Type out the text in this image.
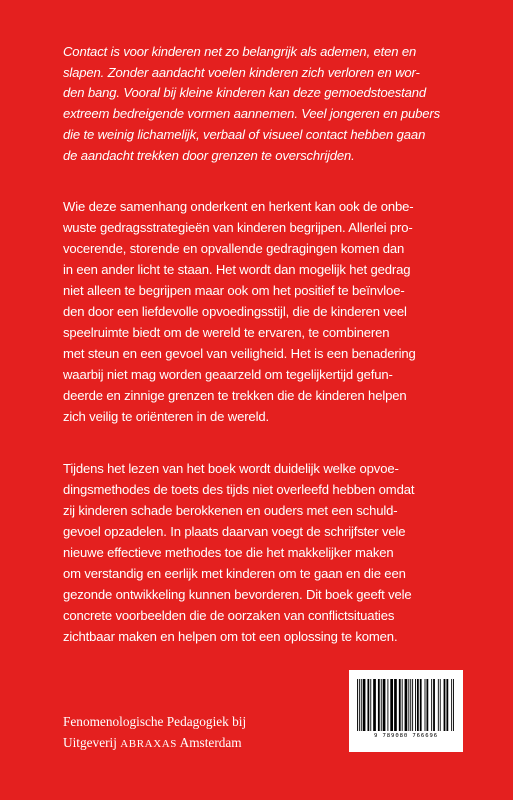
Contact is voor kinderen net zo belangrijk als ademen, eten en
slapen. Zonder aandacht voelen kinderen zich verloren en wor-
den bang. Vooral bij kleine kinderen kan deze gemoedstoestand
extreem bedreigende vormen aannemen. Veel jongeren en pubers
die te weinig lichamelijk, verbaal of visueel contact hebben gaan
de aandacht trekken door grenzen te overschrijden.

Wie deze samenhang onderkent en herkent kan ook de onbe-
wuste gedragsstrategieën van kinderen begrijpen. Allerlei pro-
vocerende, storende en opvallende gedragingen komen dan
in een ander licht te staan. Het wordt dan mogelijk het gedrag
niet alleen te begrijpen maar ook om het positief te beïnvloe-
den door een liefdevolle opvoedingsstijl, die de kinderen veel
speelruimte biedt om de wereld te ervaren, te combineren
met steun en een gevoel van veiligheid. Het is een benadering
waarbij niet mag worden geaarzeld om tegelijkertijd gefun-
deerde en zinnige grenzen te trekken die de kinderen helpen
zich veilig te oriënteren in de wereld.

Tijdens het lezen van het boek wordt duidelijk welke opvoe-
dingsmethodes de toets des tijds niet overleefd hebben omdat
zij kinderen schade berokkenen en ouders met een schuld-
gevoel opzadelen. In plaats daarvan voegt de schrijfster vele
nieuwe effectieve methodes toe die het makkelijker maken
om verstandig en eerlijk met kinderen om te gaan en die een
gezonde ontwikkeling kunnen bevorderen. Dit boek geeft vele
concrete voorbeelden die de oorzaken van conflictsituaties
zichtbaar maken en helpen om tot een oplossing te komen.

9 789080 766696

Fenomenologische Pedagogiek bij
Uitgeverij ABRAXAS Amsterdam
